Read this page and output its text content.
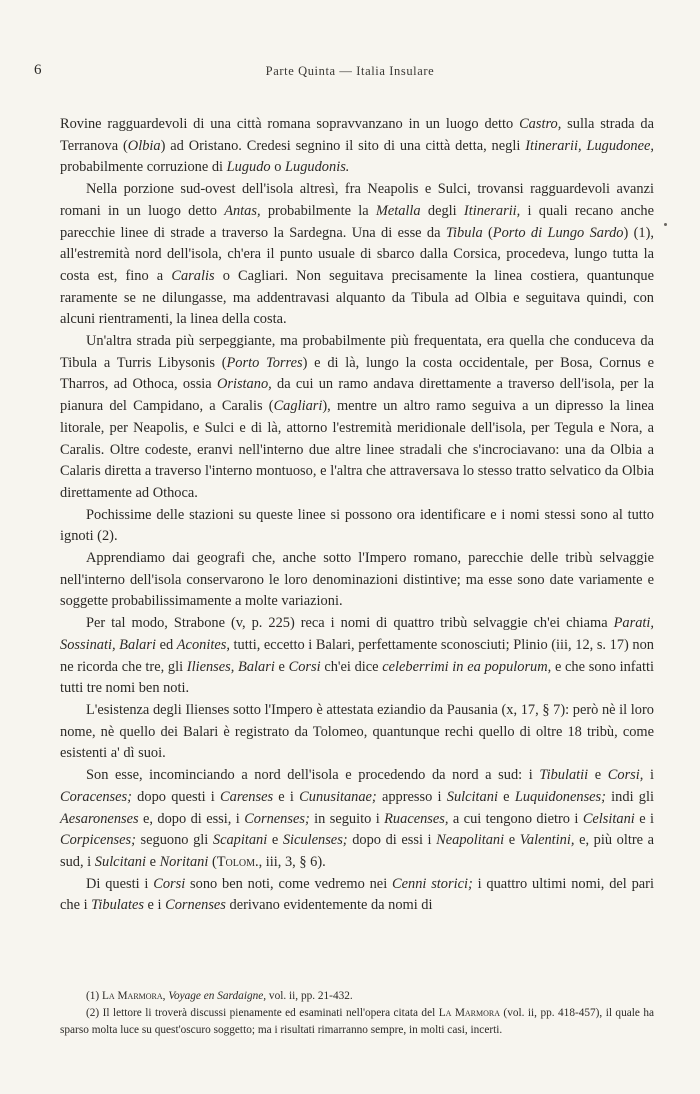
6	Parte Quinta — Italia Insulare

Rovine ragguardevoli di una città romana sopravvanzano in un luogo detto Castro, sulla strada da Terranova (Olbia) ad Oristano. Credesi segnino il sito di una città detta, negli Itinerarii, Lugudonee, probabilmente corruzione di Lugudo o Lugudonis.

Nella porzione sud-ovest dell'isola altresì, fra Neapolis e Sulci, trovansi ragguardevoli avanzi romani in un luogo detto Antas, probabilmente la Metalla degli Itinerarii, i quali recano anche parecchie linee di strade a traverso la Sardegna. Una di esse da Tibula (Porto di Lungo Sardo) (1), all'estremità nord dell'isola, ch'era il punto usuale di sbarco dalla Corsica, procedeva, lungo tutta la costa est, fino a Caralis o Cagliari. Non seguitava precisamente la linea costiera, quantunque raramente se ne dilungasse, ma addentravasi alquanto da Tibula ad Olbia e seguitava quindi, con alcuni rientramenti, la linea della costa.

Un'altra strada più serpeggiante, ma probabilmente più frequentata, era quella che conduceva da Tibula a Turris Libysonis (Porto Torres) e di là, lungo la costa occidentale, per Bosa, Cornus e Tharros, ad Othoca, ossia Oristano, da cui un ramo andava direttamente a traverso dell'isola, per la pianura del Campidano, a Caralis (Cagliari), mentre un altro ramo seguiva a un dipresso la linea litorale, per Neapolis, e Sulci e di là, attorno l'estremità meridionale dell'isola, per Tegula e Nora, a Caralis. Oltre codeste, eranvi nell'interno due altre linee stradali che s'incrociavano: una da Olbia a Calaris diretta a traverso l'interno montuoso, e l'altra che attraversava lo stesso tratto selvatico da Olbia direttamente ad Othoca.

Pochissime delle stazioni su queste linee si possono ora identificare e i nomi stessi sono al tutto ignoti (2).

Apprendiamo dai geografi che, anche sotto l'Impero romano, parecchie delle tribù selvaggie nell'interno dell'isola conservarono le loro denominazioni distintive; ma esse sono date variamente e soggette probabilissimamente a molte variazioni.

Per tal modo, Strabone (v, p. 225) reca i nomi di quattro tribù selvaggie ch'ei chiama Parati, Sossinati, Balari ed Aconites, tutti, eccetto i Balari, perfettamente sconosciuti; Plinio (iii, 12, s. 17) non ne ricorda che tre, gli Ilienses, Balari e Corsi ch'ei dice celeberrimi in ea populorum, e che sono infatti tutti tre nomi ben noti.

L'esistenza degli Ilienses sotto l'Impero è attestata eziandio da Pausania (x, 17, § 7): però nè il loro nome, nè quello dei Balari è registrato da Tolomeo, quantunque rechi quello di oltre 18 tribù, come esistenti a' dì suoi.

Son esse, incominciando a nord dell'isola e procedendo da nord a sud: i Tibulatii e Corsi, i Coracenses; dopo questi i Carenses e i Cunusitanae; appresso i Sulcitani e Luquidonenses; indi gli Aesaronenses e, dopo di essi, i Cornenses; in seguito i Ruacenses, a cui tengono dietro i Celsitani e i Corpicenses; seguono gli Scapitani e Siculenses; dopo di essi i Neapolitani e Valentini, e, più oltre a sud, i Sulcitani e Noritani (Tolom., iii, 3, § 6).

Di questi i Corsi sono ben noti, come vedremo nei Cenni storici; i quattro ultimi nomi, del pari che i Tibulates e i Cornenses derivano evidentemente da nomi di

(1) La Marmora, Voyage en Sardaigne, vol. ii, pp. 21-432.

(2) Il lettore li troverà discussi pienamente ed esaminati nell'opera citata del La Marmora (vol. ii, pp. 418-457), il quale ha sparso molta luce su quest'oscuro soggetto; ma i risultati rimarranno sempre, in molti casi, incerti.
